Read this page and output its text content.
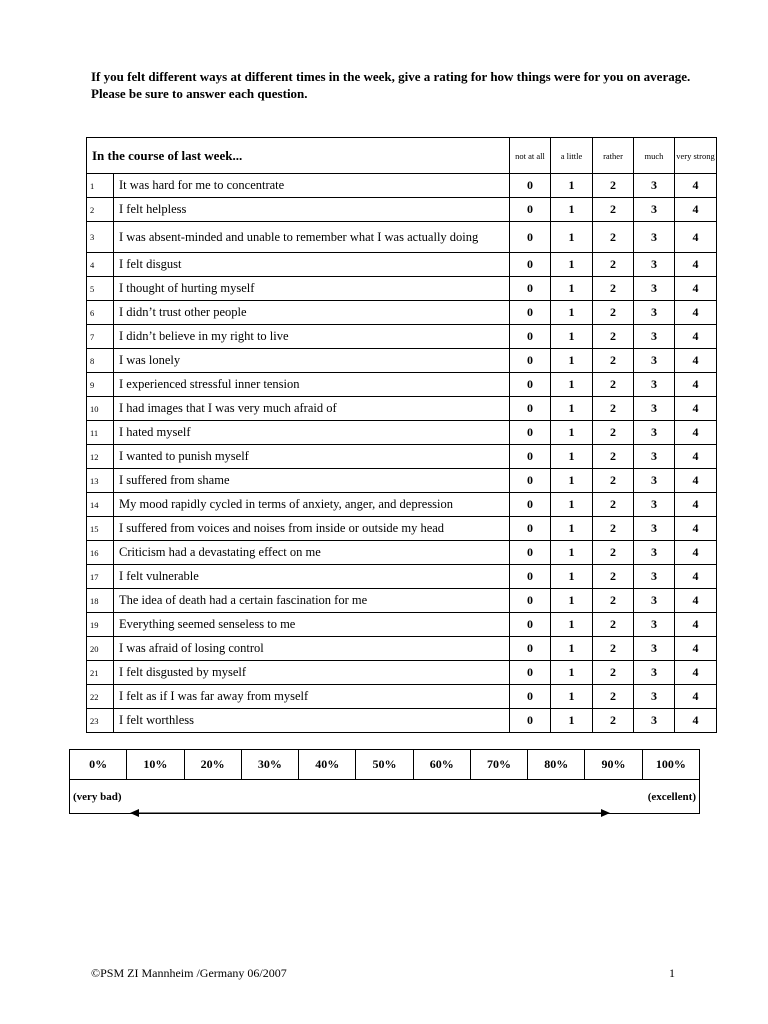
If you felt different ways at different times in the week, give a rating for how things were for you on average.

Please be sure to answer each question.

In the course of last week...		not at all	a little	rather	much	very strong
1	It was hard for me to concentrate	0	1	2	3	4
2	I felt helpless	0	1	2	3	4
3	I was absent-minded and unable to remember what I was actually doing	0	1	2	3	4
4	I felt disgust	0	1	2	3	4
5	I thought of hurting myself	0	1	2	3	4
6	I didn’t trust other people	0	1	2	3	4
7	I didn’t believe in my right to live	0	1	2	3	4
8	I was lonely	0	1	2	3	4
9	I experienced stressful inner tension	0	1	2	3	4
10	I had images that I was very much afraid of	0	1	2	3	4
11	I hated myself	0	1	2	3	4
12	I wanted to punish myself	0	1	2	3	4
13	I suffered from shame	0	1	2	3	4
14	My mood rapidly cycled in terms of anxiety, anger, and depression	0	1	2	3	4
15	I suffered from voices and noises from inside or outside my head	0	1	2	3	4
16	Criticism had a devastating effect on me	0	1	2	3	4
17	I felt vulnerable	0	1	2	3	4
18	The idea of death had a certain fascination for me	0	1	2	3	4
19	Everything seemed senseless to me	0	1	2	3	4
20	I was afraid of losing control	0	1	2	3	4
21	I felt disgusted by myself	0	1	2	3	4
22	I felt as if I was far away from myself	0	1	2	3	4
23	I felt worthless	0	1	2	3	4
0%	10%	20%	30%	40%	50%	60%	70%	80%	90%	100%

(very bad)	(excellent)
©PSM ZI Mannheim /Germany 06/2007	1
